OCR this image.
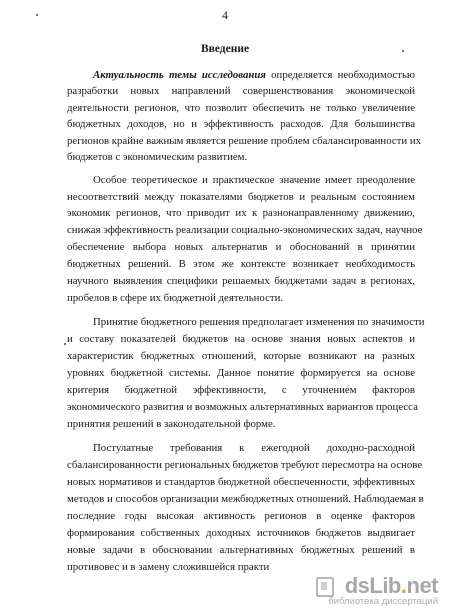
4
Введение
Актуальность темы исследования определяется необходимостью
разработки новых направлений совершенствования экономической
деятельности регионов, что позволит обеспечить не только увеличение
бюджетных доходов, но и эффективность расходов. Для большинства
регионов крайне важным является решение проблем сбалансированности их
бюджетов с экономическим развитием.
Особое теоретическое и практическое значение имеет преодоление
несоответствий между показателями бюджетов и реальным состоянием
экономик регионов, что приводит их к разнонаправленному движению,
снижая эффективность реализации социально-экономических задач, научное
обеспечение выбора новых альтернатив и обоснований в принятии
бюджетных решений. В этом же контексте возникает необходимость
научного выявления специфики решаемых бюджетами задач в регионах,
пробелов в сфере их бюджетной деятельности.
Принятие бюджетного решения предполагает изменения по значимости
и составу показателей бюджетов на основе знания новых аспектов и
характеристик бюджетных отношений, которые возникают на разных
уровнях бюджетной системы. Данное понятие формируется на основе
критерия бюджетной эффективности, с уточнением факторов
экономического развития и возможных альтернативных вариантов процесса
принятия решений в законодательной форме.
Постулатные требования к ежегодной доходно-расходной
сбалансированности региональных бюджетов требуют пересмотра на основе
новых нормативов и стандартов бюджетной обеспеченности, эффективных
методов и способов организации межбюджетных отношений. Наблюдаемая в
последние годы высокая активность регионов в оценке факторов
формирования собственных доходных источников бюджетов выдвигает
новые задачи в обосновании альтернативных бюджетных решений в
противовес и в замену сложившейся практи
dsLib.net
библиотека диссертаций
